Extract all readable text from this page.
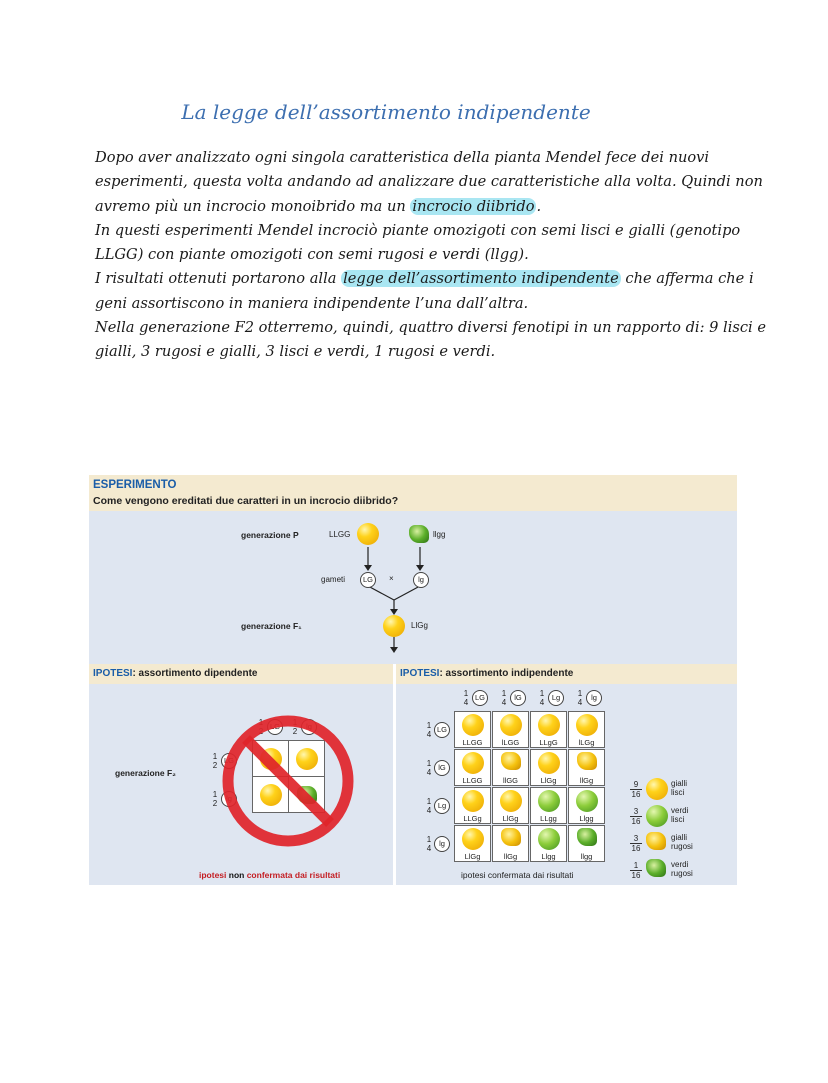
La legge dell’assortimento indipendente

Dopo aver analizzato ogni singola caratteristica della pianta Mendel fece dei nuovi esperimenti, questa volta andando ad analizzare due caratteristiche alla volta. Quindi non avremo più un incrocio monoibrido ma un incrocio diibrido .

In questi esperimenti Mendel incrociò piante omozigoti con semi lisci e gialli (genotipo LLGG) con piante omozigoti con semi rugosi e verdi (llgg).

I risultati ottenuti portarono alla legge dell’assortimento indipendente che afferma che i geni assortiscono in maniera indipendente l’una dall’altra.

Nella generazione F2 otterremo, quindi, quattro diversi fenotipi in un rapporto di: 9 lisci e gialli, 3 rugosi e gialli, 3 lisci e verdi, 1 rugosi e verdi.

ESPERIMENTO
Come vengono ereditati due caratteri in un incrocio diibrido?
generazione P	LLGG	llgg
gameti	LG	×	lg
generazione F₁	LlGg
IPOTESI: assortimento dipendente	IPOTESI: assortimento indipendente
generazione F₂
1
2
LG	1
2
lg
1
2
LG
1
2
lg
ipotesi non confermata dai risultati
1
4
LG
1
4
LG
1
4
lG
1
4
lG
1
4
Lg
1
4
Lg
1
4
lg
1
4
lg
LLGG	lLGG	LLgG	lLGg
LLGG	llGG	LlGg	llGg
LLGg	LlGg	LLgg	Llgg
LlGg	llGg	Llgg	llgg
ipotesi confermata dai risultati
9
16
gialli
lisci
3
16
verdi
lisci
3
16
gialli
rugosi
1
16
verdi
rugosi
